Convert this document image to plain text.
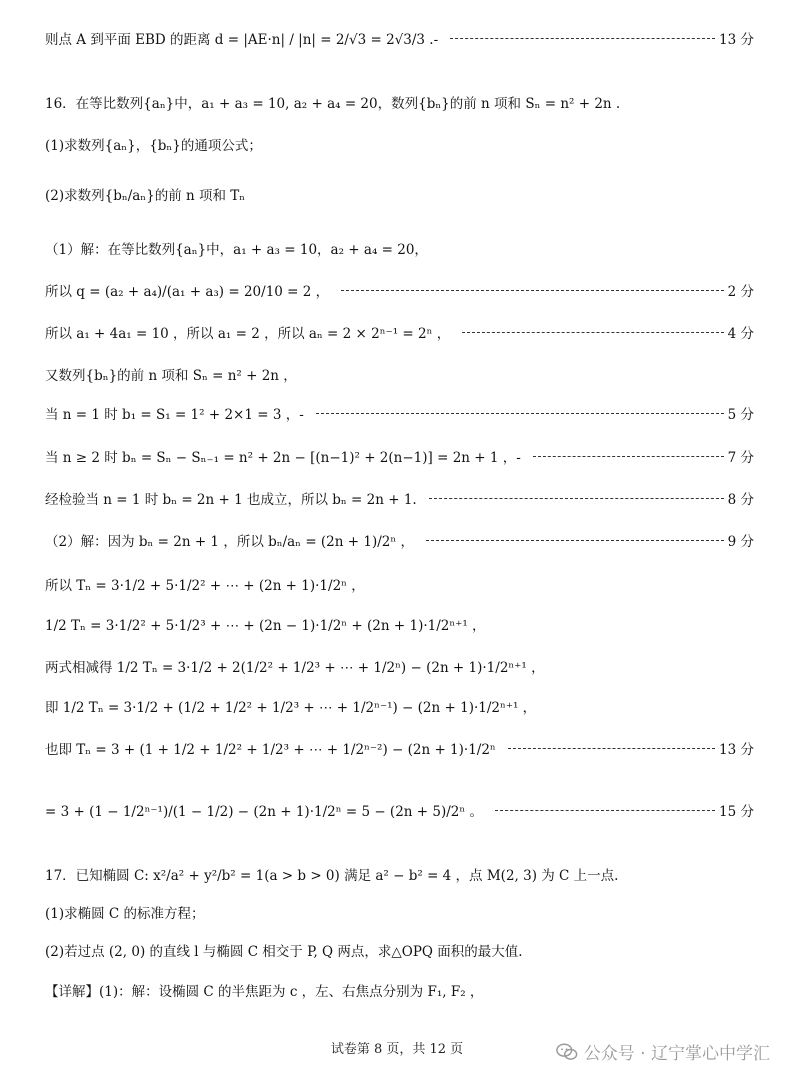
则点 A 到平面 EBD 的距离 d = |AE·n| / |n| = 2/√3 = 2√3/3 .-	13 分
16．在等比数列{aₙ}中，a₁ + a₃ = 10, a₂ + a₄ = 20，数列{bₙ}的前 n 项和 Sₙ = n² + 2n .
(1)求数列{aₙ}，{bₙ}的通项公式；
(2)求数列{bₙ/aₙ}的前 n 项和 Tₙ
（1）解：在等比数列{aₙ}中，a₁ + a₃ = 10，a₂ + a₄ = 20，
所以 q = (a₂ + a₄)/(a₁ + a₃) = 20/10 = 2 ，	2 分
所以 a₁ + 4a₁ = 10 ，所以 a₁ = 2 ，所以 aₙ = 2 × 2ⁿ⁻¹ = 2ⁿ ，	4 分
又数列{bₙ}的前 n 项和 Sₙ = n² + 2n ，
当 n = 1 时 b₁ = S₁ = 1² + 2×1 = 3 ，-	5 分
当 n ≥ 2 时 bₙ = Sₙ − Sₙ₋₁ = n² + 2n − [(n−1)² + 2(n−1)] = 2n + 1 ，-	7 分
经检验当 n = 1 时 bₙ = 2n + 1 也成立，所以 bₙ = 2n + 1.	8 分
（2）解：因为 bₙ = 2n + 1 ，所以 bₙ/aₙ = (2n + 1)/2ⁿ ，	9 分
所以 Tₙ = 3·1/2 + 5·1/2² + ⋯ + (2n + 1)·1/2ⁿ ，
1/2 Tₙ = 3·1/2² + 5·1/2³ + ⋯ + (2n − 1)·1/2ⁿ + (2n + 1)·1/2ⁿ⁺¹ ，
两式相减得 1/2 Tₙ = 3·1/2 + 2(1/2² + 1/2³ + ⋯ + 1/2ⁿ) − (2n + 1)·1/2ⁿ⁺¹ ，
即 1/2 Tₙ = 3·1/2 + (1/2 + 1/2² + 1/2³ + ⋯ + 1/2ⁿ⁻¹) − (2n + 1)·1/2ⁿ⁺¹ ，
也即 Tₙ = 3 + (1 + 1/2 + 1/2² + 1/2³ + ⋯ + 1/2ⁿ⁻²) − (2n + 1)·1/2ⁿ	13 分
= 3 + (1 − 1/2ⁿ⁻¹)/(1 − 1/2) − (2n + 1)·1/2ⁿ = 5 − (2n + 5)/2ⁿ 。	15 分
17．已知椭圆 C: x²/a² + y²/b² = 1(a > b > 0) 满足 a² − b² = 4 ，点 M(2, 3) 为 C 上一点.
(1)求椭圆 C 的标准方程；
(2)若过点 (2, 0) 的直线 l 与椭圆 C 相交于 P, Q 两点，求△OPQ 面积的最大值.
【详解】(1)：解：设椭圆 C 的半焦距为 c ，左、右焦点分别为 F₁, F₂ ，
试卷第 8 页，共 12 页	公众号 · 辽宁掌心中学汇
